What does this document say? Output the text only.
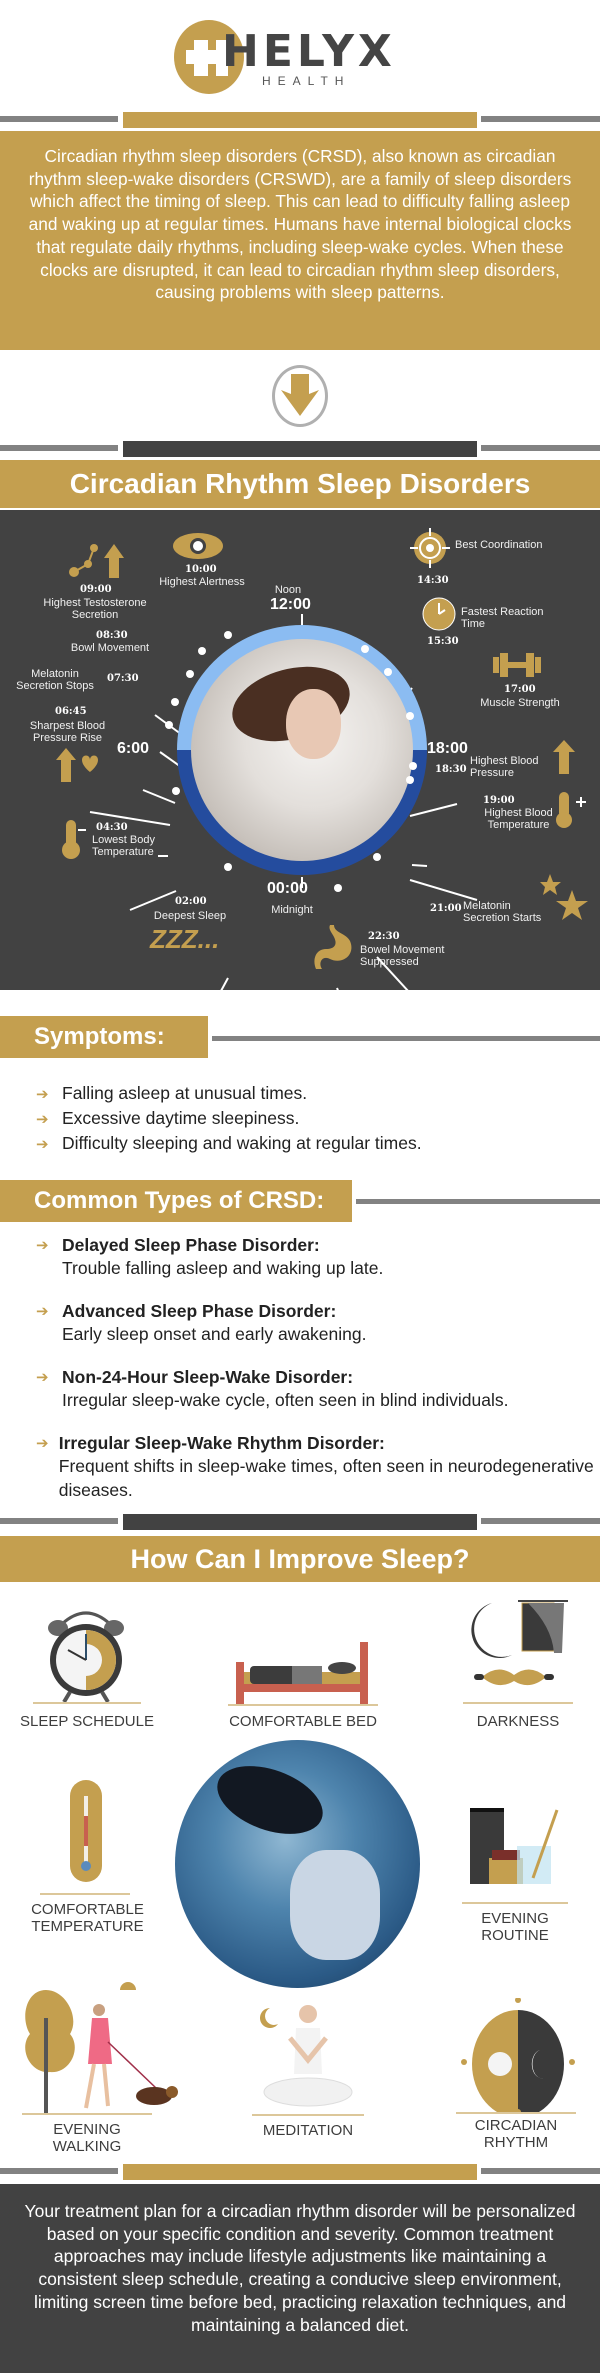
HELYX
HEALTH
Circadian rhythm sleep disorders (CRSD), also known as circadian rhythm sleep-wake disorders (CRSWD), are a family of sleep disorders which affect the timing of sleep. This can lead to difficulty falling asleep and waking up at regular times. Humans have internal biological clocks that regulate daily rhythms, including sleep-wake cycles. When these clocks are disrupted, it can lead to circadian rhythm sleep disorders, causing problems with sleep patterns.
Circadian Rhythm Sleep Disorders
Noon
12:00
00:00
Midnight
6:00	18:00
09:00
Highest Testosterone Secretion
10:00
Highest Alertness
08:30
Bowl Movement
Melatonin Secretion Stops
07:30
06:45
Sharpest Blood Pressure Rise
04:30
Lowest Body Temperature
02:00
Deepest Sleep
ZZZ...
Best Coordination
14:30
Fastest Reaction Time
15:30
17:00
Muscle Strength
18:30
Highest Blood Pressure
19:00
Highest Blood Temperature
21:00 Melatonin Secretion Starts
22:30
Bowel Movement Suppressed
Symptoms:
➔ Falling asleep at unusual times.
➔ Excessive daytime sleepiness.
➔ Difficulty sleeping and waking at regular times.
Common Types of CRSD:
➔ Delayed Sleep Phase Disorder:
Trouble falling asleep and waking up late.
➔ Advanced Sleep Phase Disorder:
Early sleep onset and early awakening.
➔ Non-24-Hour Sleep-Wake Disorder:
Irregular sleep-wake cycle, often seen in blind individuals.
➔ Irregular Sleep-Wake Rhythm Disorder:
Frequent shifts in sleep-wake times, often seen in neurodegenerative diseases.
How Can I Improve Sleep?
SLEEP SCHEDULE	COMFORTABLE BED	DARKNESS
COMFORTABLE TEMPERATURE	EVENING ROUTINE
EVENING WALKING
MEDITATION	CIRCADIAN RHYTHM
Your treatment plan for a circadian rhythm disorder will be personalized based on your specific condition and severity. Common treatment approaches may include lifestyle adjustments like maintaining a consistent sleep schedule, creating a conducive sleep environment, limiting screen time before bed, practicing relaxation techniques, and maintaining a balanced diet.
